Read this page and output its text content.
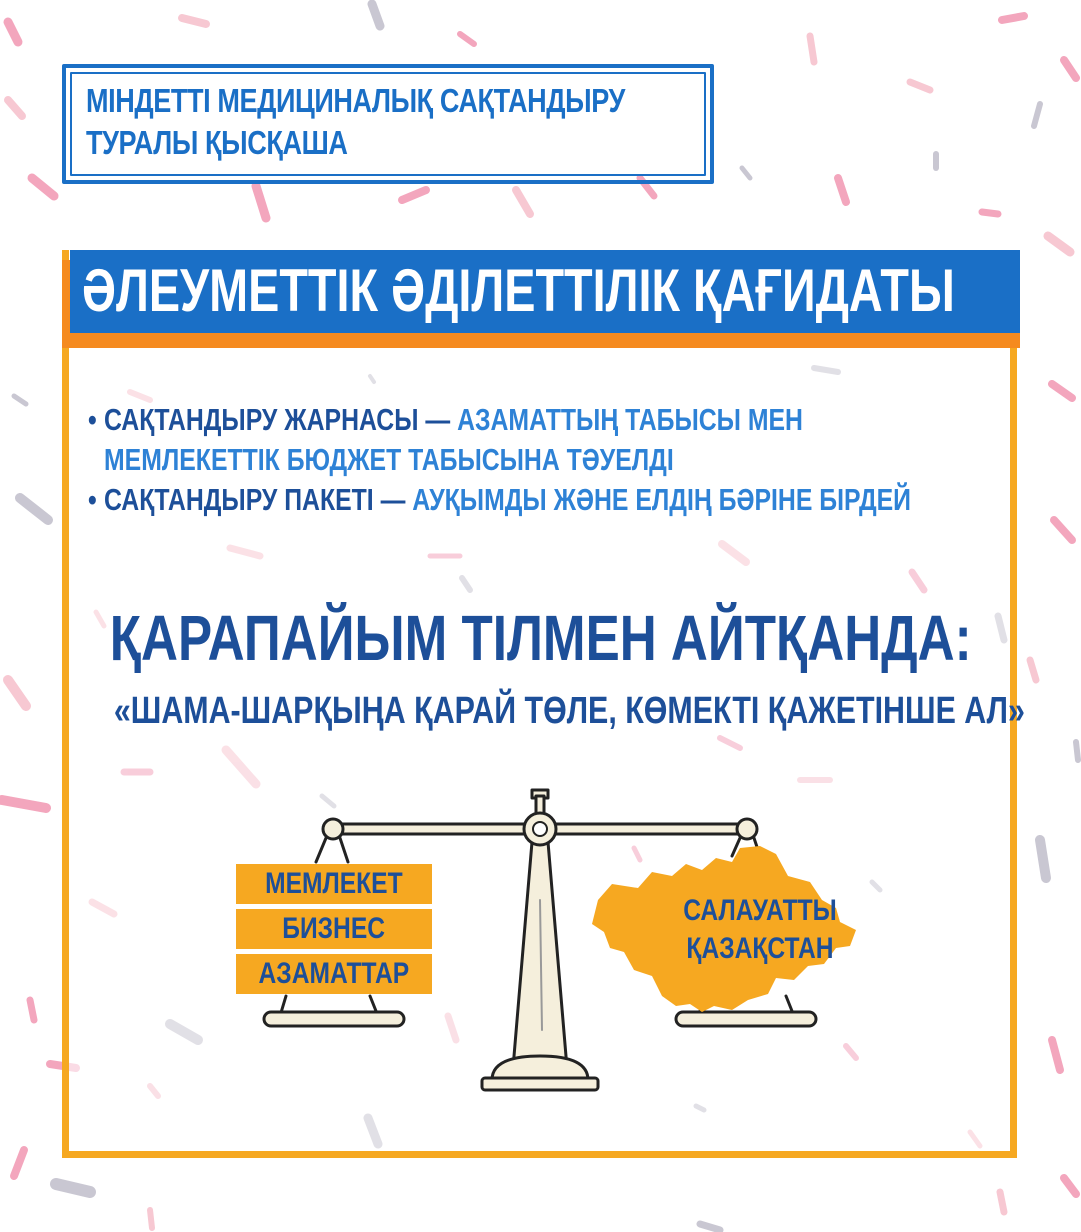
МІНДЕТТІ МЕДИЦИНАЛЫҚ САҚТАНДЫРУ
ТУРАЛЫ ҚЫСҚАША
ӘЛЕУМЕТТІК ӘДІЛЕТТІЛІК ҚАҒИДАТЫ
• САҚТАНДЫРУ ЖАРНАСЫ — АЗАМАТТЫҢ ТАБЫСЫ МЕН
МЕМЛЕКЕТТІК БЮДЖЕТ ТАБЫСЫНА ТӘУЕЛДІ
• САҚТАНДЫРУ ПАКЕТІ — АУҚЫМДЫ ЖӘНЕ ЕЛДІҢ БӘРІНЕ БІРДЕЙ
ҚАРАПАЙЫМ ТІЛМЕН АЙТҚАНДА:
«ШАМА-ШАРҚЫҢА ҚАРАЙ ТӨЛЕ, КӨМЕКТІ ҚАЖЕТІНШЕ АЛ»
МЕМЛЕКЕТ
БИЗНЕС
АЗАМАТТАР
САЛАУАТТЫ
ҚАЗАҚСТАН
